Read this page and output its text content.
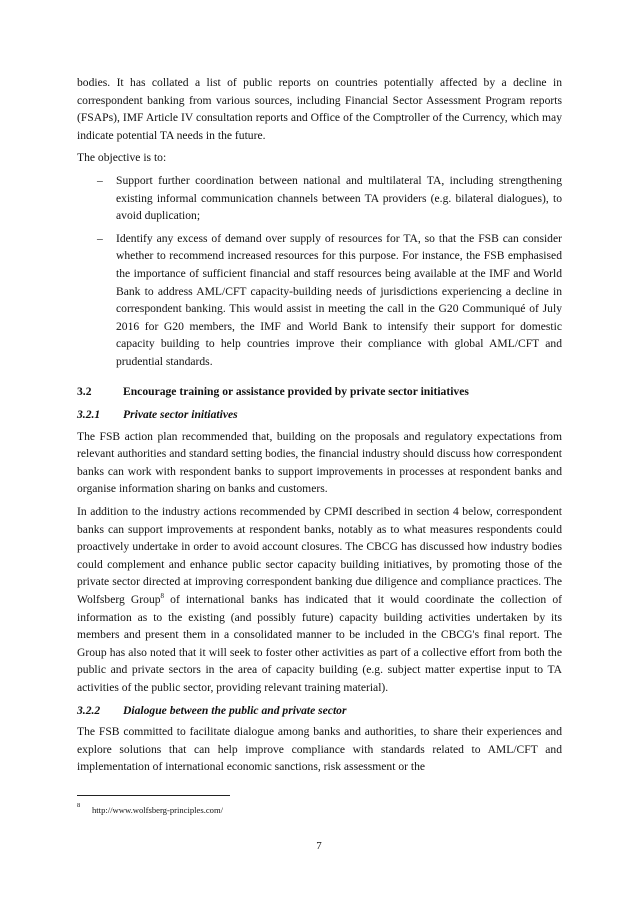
bodies. It has collated a list of public reports on countries potentially affected by a decline in correspondent banking from various sources, including Financial Sector Assessment Program reports (FSAPs), IMF Article IV consultation reports and Office of the Comptroller of the Currency, which may indicate potential TA needs in the future.

The objective is to:

– Support further coordination between national and multilateral TA, including strengthening existing informal communication channels between TA providers (e.g. bilateral dialogues), to avoid duplication;
– Identify any excess of demand over supply of resources for TA, so that the FSB can consider whether to recommend increased resources for this purpose. For instance, the FSB emphasised the importance of sufficient financial and staff resources being available at the IMF and World Bank to address AML/CFT capacity-building needs of jurisdictions experiencing a decline in correspondent banking. This would assist in meeting the call in the G20 Communiqué of July 2016 for G20 members, the IMF and World Bank to intensify their support for domestic capacity building to help countries improve their compliance with global AML/CFT and prudential standards.
3.2	Encourage training or assistance provided by private sector initiatives
3.2.1	Private sector initiatives

The FSB action plan recommended that, building on the proposals and regulatory expectations from relevant authorities and standard setting bodies, the financial industry should discuss how correspondent banks can work with respondent banks to support improvements in processes at respondent banks and organise information sharing on banks and customers.

In addition to the industry actions recommended by CPMI described in section 4 below, correspondent banks can support improvements at respondent banks, notably as to what measures respondents could proactively undertake in order to avoid account closures. The CBCG has discussed how industry bodies could complement and enhance public sector capacity building initiatives, by promoting those of the private sector directed at improving correspondent banking due diligence and compliance practices. The Wolfsberg Group$^8$ of international banks has indicated that it would coordinate the collection of information as to the existing (and possibly future) capacity building activities undertaken by its members and present them in a consolidated manner to be included in the CBCG's final report. The Group has also noted that it will seek to foster other activities as part of a collective effort from both the public and private sectors in the area of capacity building (e.g. subject matter expertise input to TA activities of the public sector, providing relevant training material).

3.2.2	Dialogue between the public and private sector

The FSB committed to facilitate dialogue among banks and authorities, to share their experiences and explore solutions that can help improve compliance with standards related to AML/CFT and implementation of international economic sanctions, risk assessment or the

8	http://www.wolfsberg-principles.com/
7
